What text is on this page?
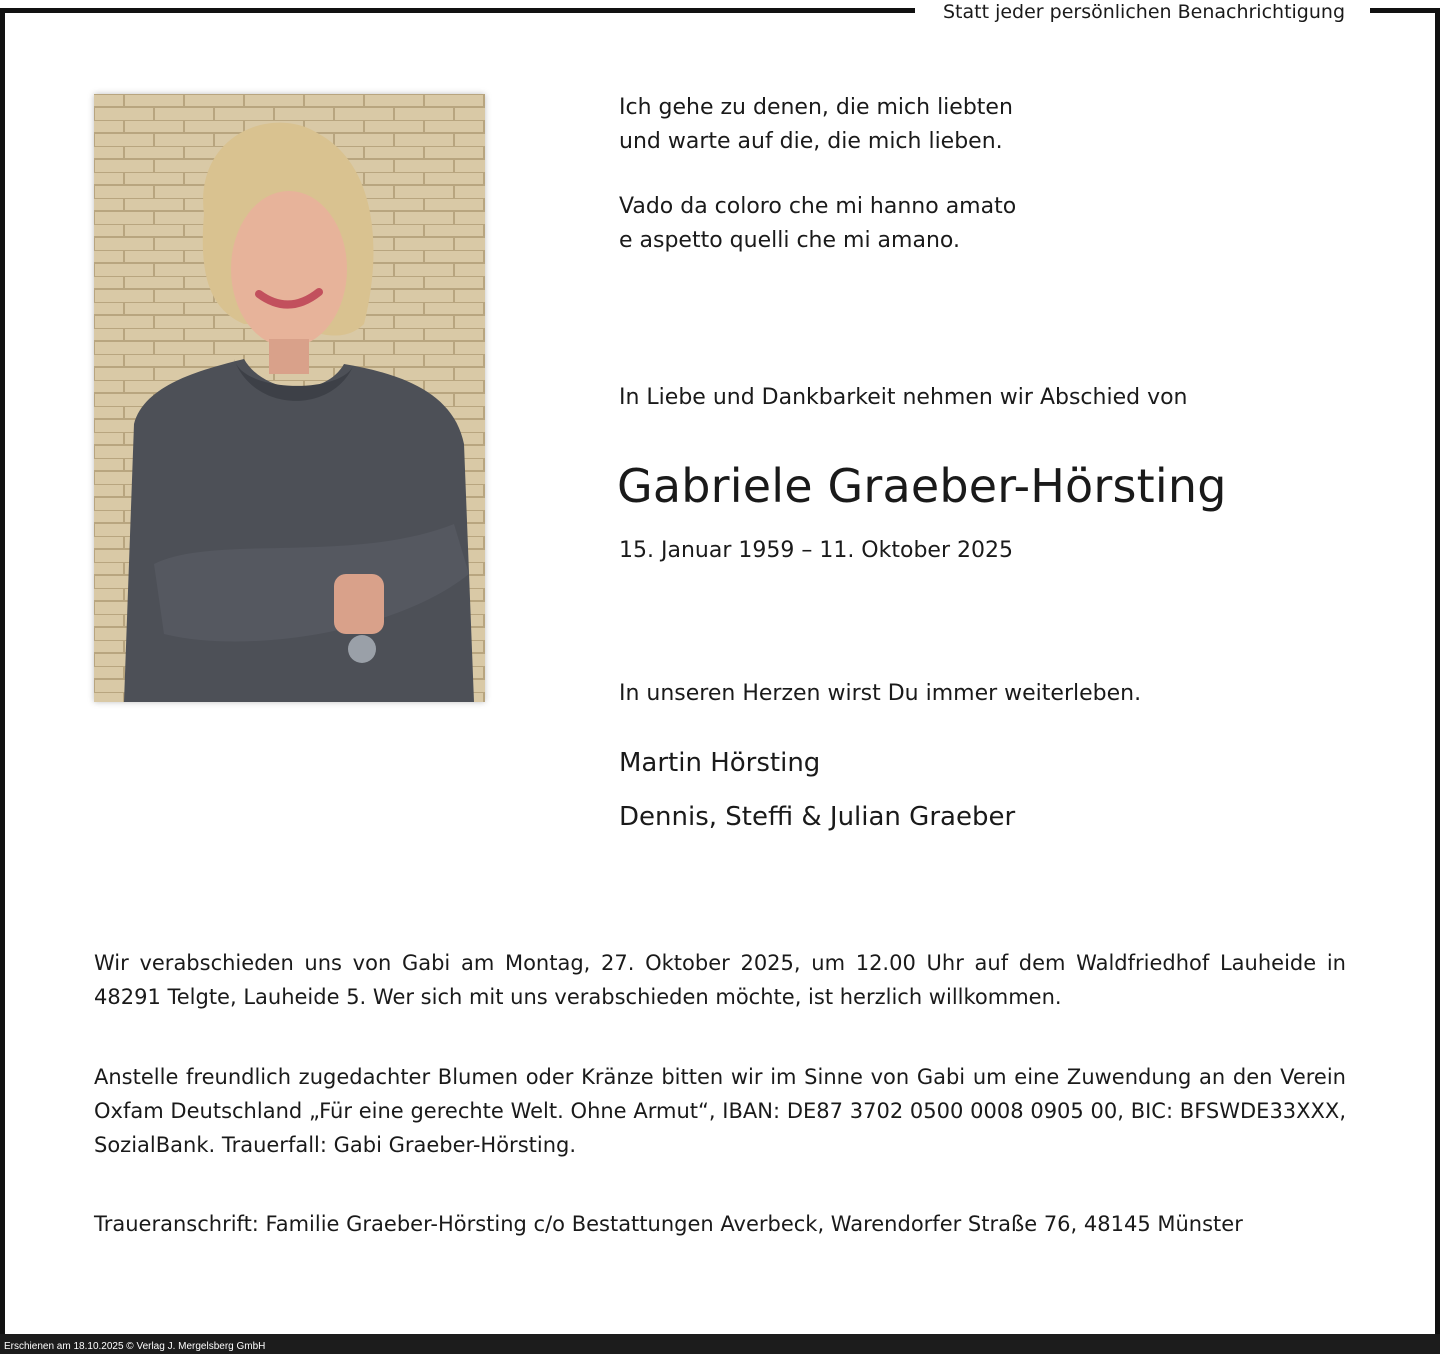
Statt jeder persönlichen Benachrichtigung

Ich gehe zu denen, die mich liebten

und warte auf die, die mich lieben.

Vado da coloro che mi hanno amato

e aspetto quelli che mi amano.

In Liebe und Dankbarkeit nehmen wir Abschied von
Gabriele Graeber-Hörsting
15. Januar 1959 – 11. Oktober 2025
In unseren Herzen wirst Du immer weiterleben.
Martin Hörsting
Dennis, Steffi & Julian Graeber
Wir verabschieden uns von Gabi am Montag, 27. Oktober 2025, um 12.00 Uhr auf dem Waldfriedhof Lauheide in 48291 Telgte, Lauheide 5. Wer sich mit uns verabschieden möchte, ist herzlich willkommen.
Anstelle freundlich zugedachter Blumen oder Kränze bitten wir im Sinne von Gabi um eine Zuwendung an den Verein Oxfam Deutschland „Für eine gerechte Welt. Ohne Armut“, IBAN: DE87 3702 0500 0008 0905 00, BIC: BFSWDE33XXX, SozialBank. Trauerfall: Gabi Graeber-Hörsting.
Traueranschrift: Familie Graeber-Hörsting c/o Bestattungen Averbeck, Warendorfer Straße 76, 48145 Münster
Erschienen am 18.10.2025 © Verlag J. Mergelsberg GmbH
